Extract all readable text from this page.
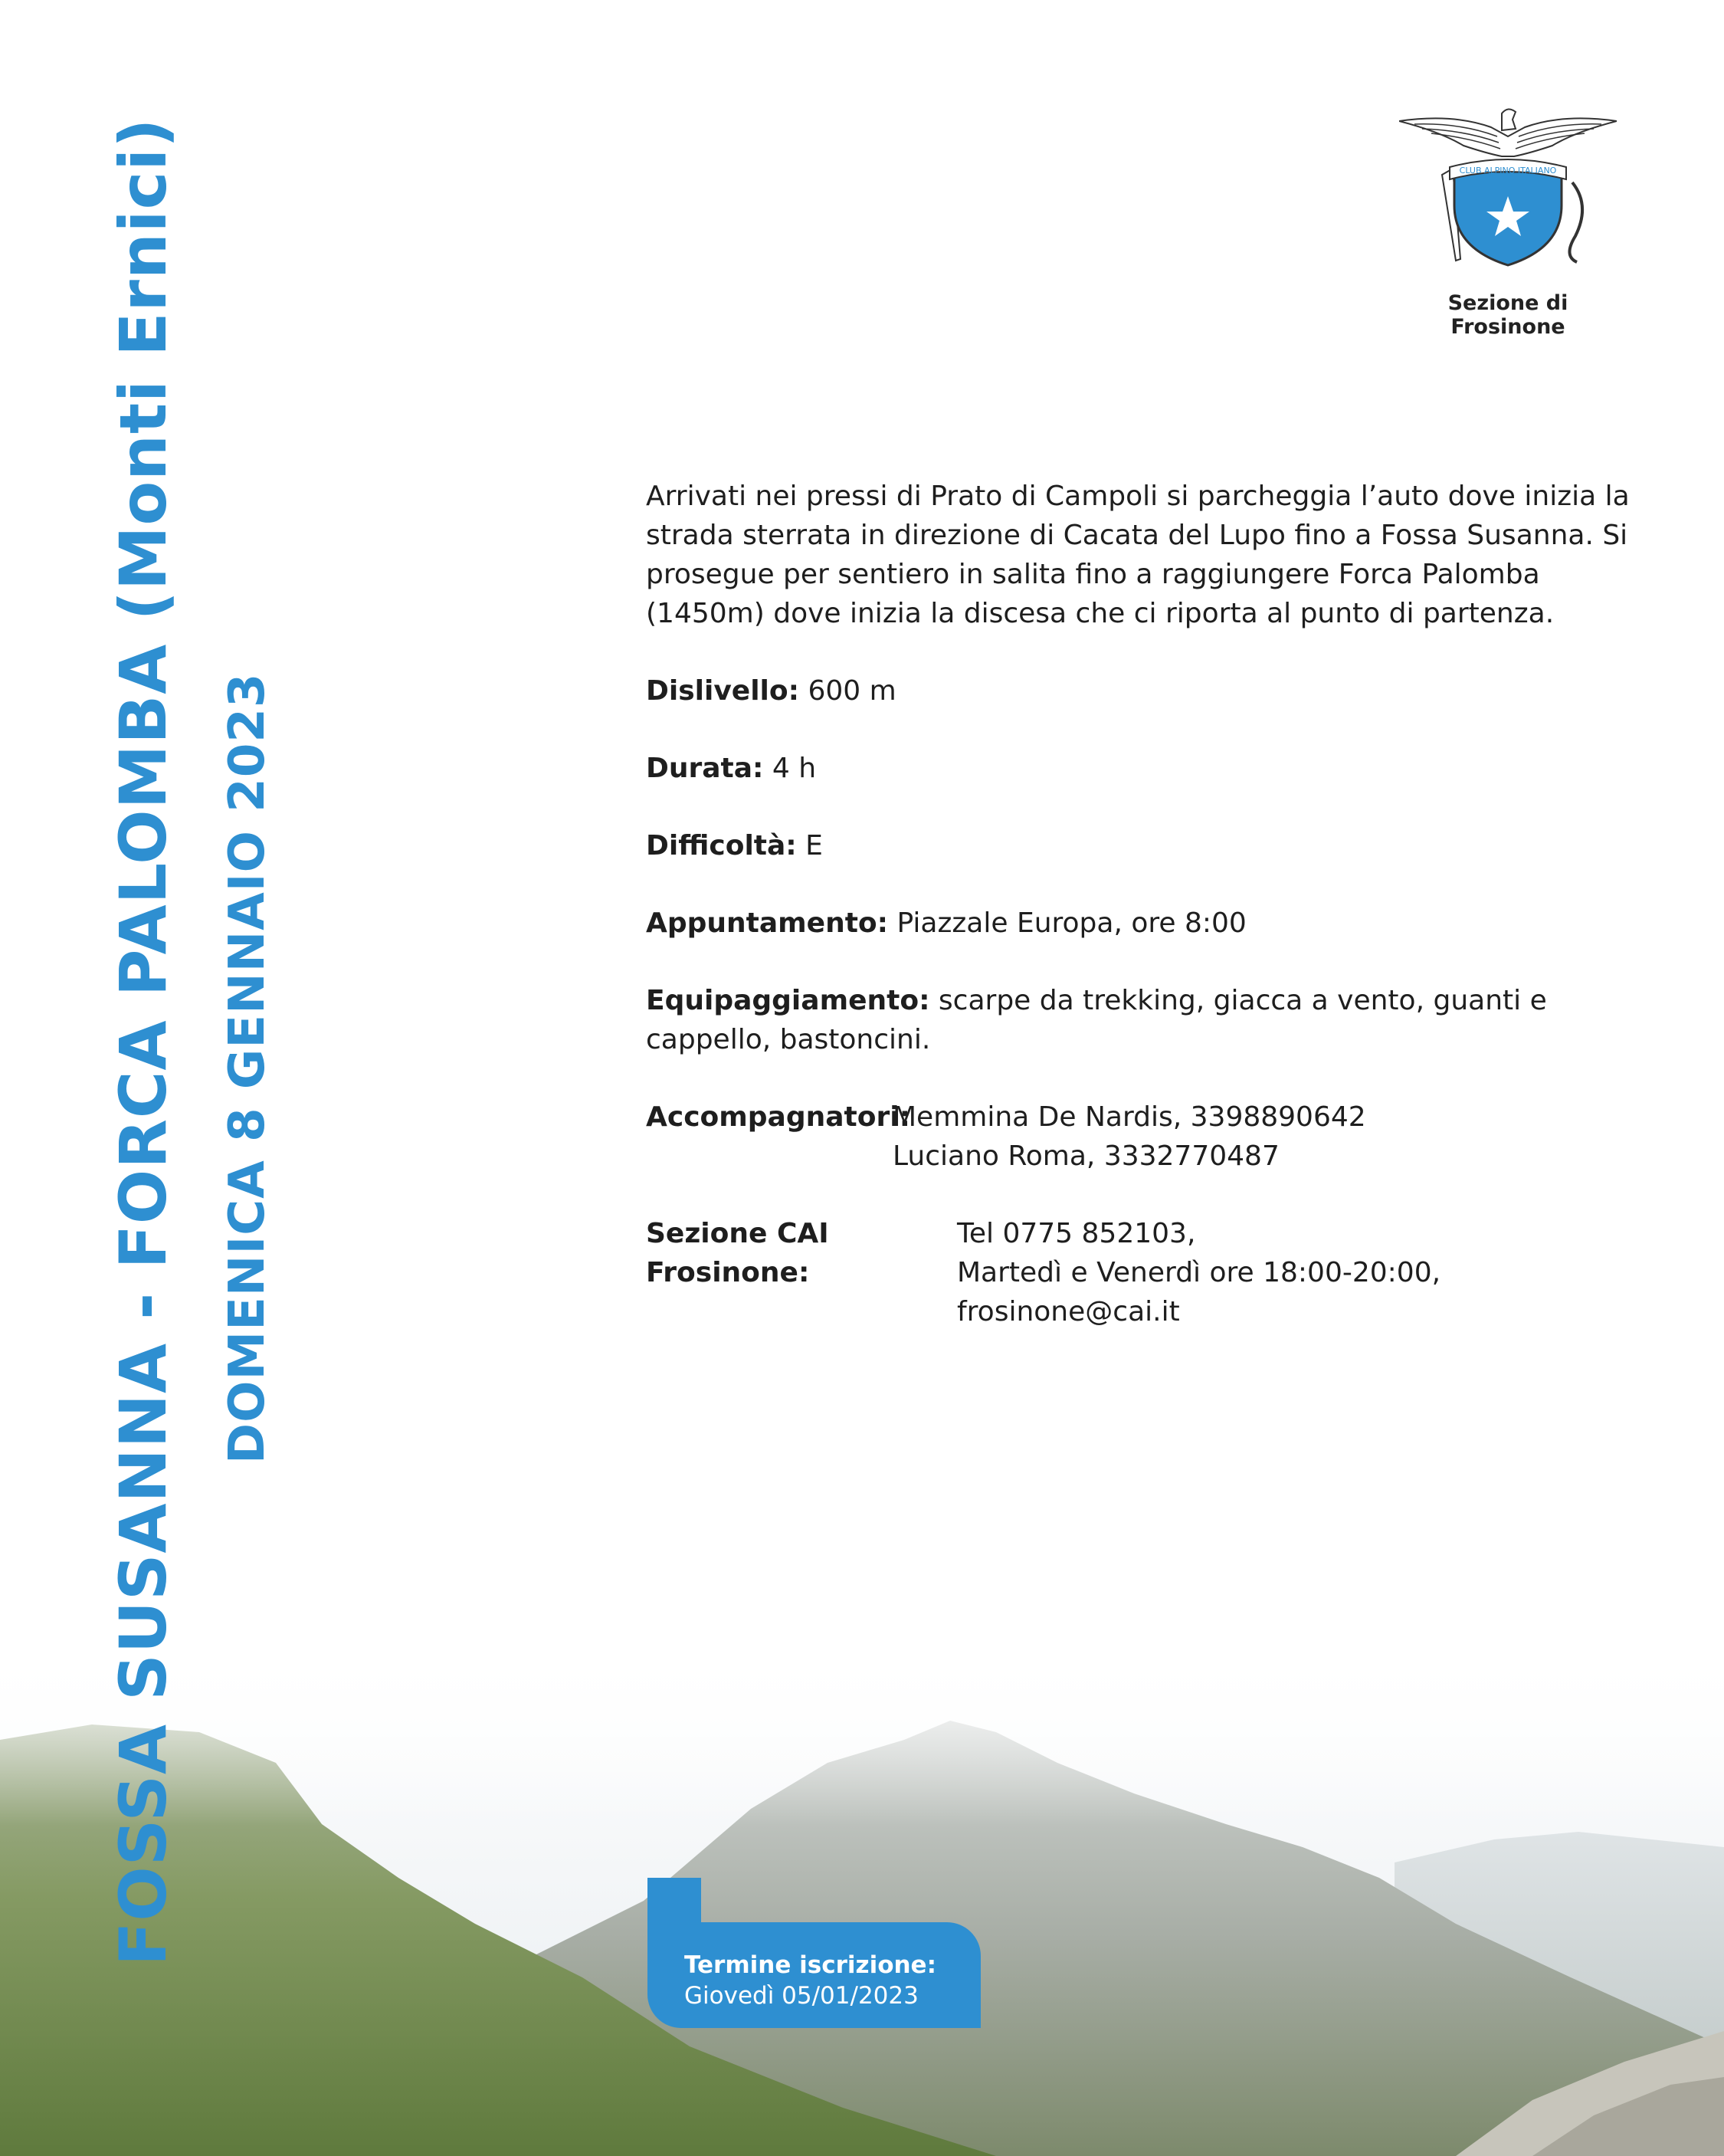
FOSSA SUSANNA - FORCA PALOMBA (Monti Ernici) DOMENICA 8 GENNAIO 2023
CLUB ALPINO ITALIANO
Sezione di Frosinone

Arrivati nei pressi di Prato di Campoli si parcheggia l’auto dove inizia la strada sterrata in direzione di Cacata del Lupo fino a Fossa Susanna. Si prosegue per sentiero in salita fino a raggiungere Forca Palomba (1450m) dove inizia la discesa che ci riporta al punto di partenza.

Dislivello: 600 m
Durata: 4 h
Difficoltà: E
Appuntamento: Piazzale Europa, ore 8:00
Equipaggiamento: scarpe da trekking, giacca a vento, guanti e cappello, bastoncini.
Accompagnatori:
Memmina De Nardis, 3398890642
Luciano Roma, 3332770487
Sezione CAI Frosinone:
Tel 0775 852103,
Martedì e Venerdì ore 18:00-20:00,
frosinone@cai.it
Termine iscrizione:
Giovedì 05/01/2023
